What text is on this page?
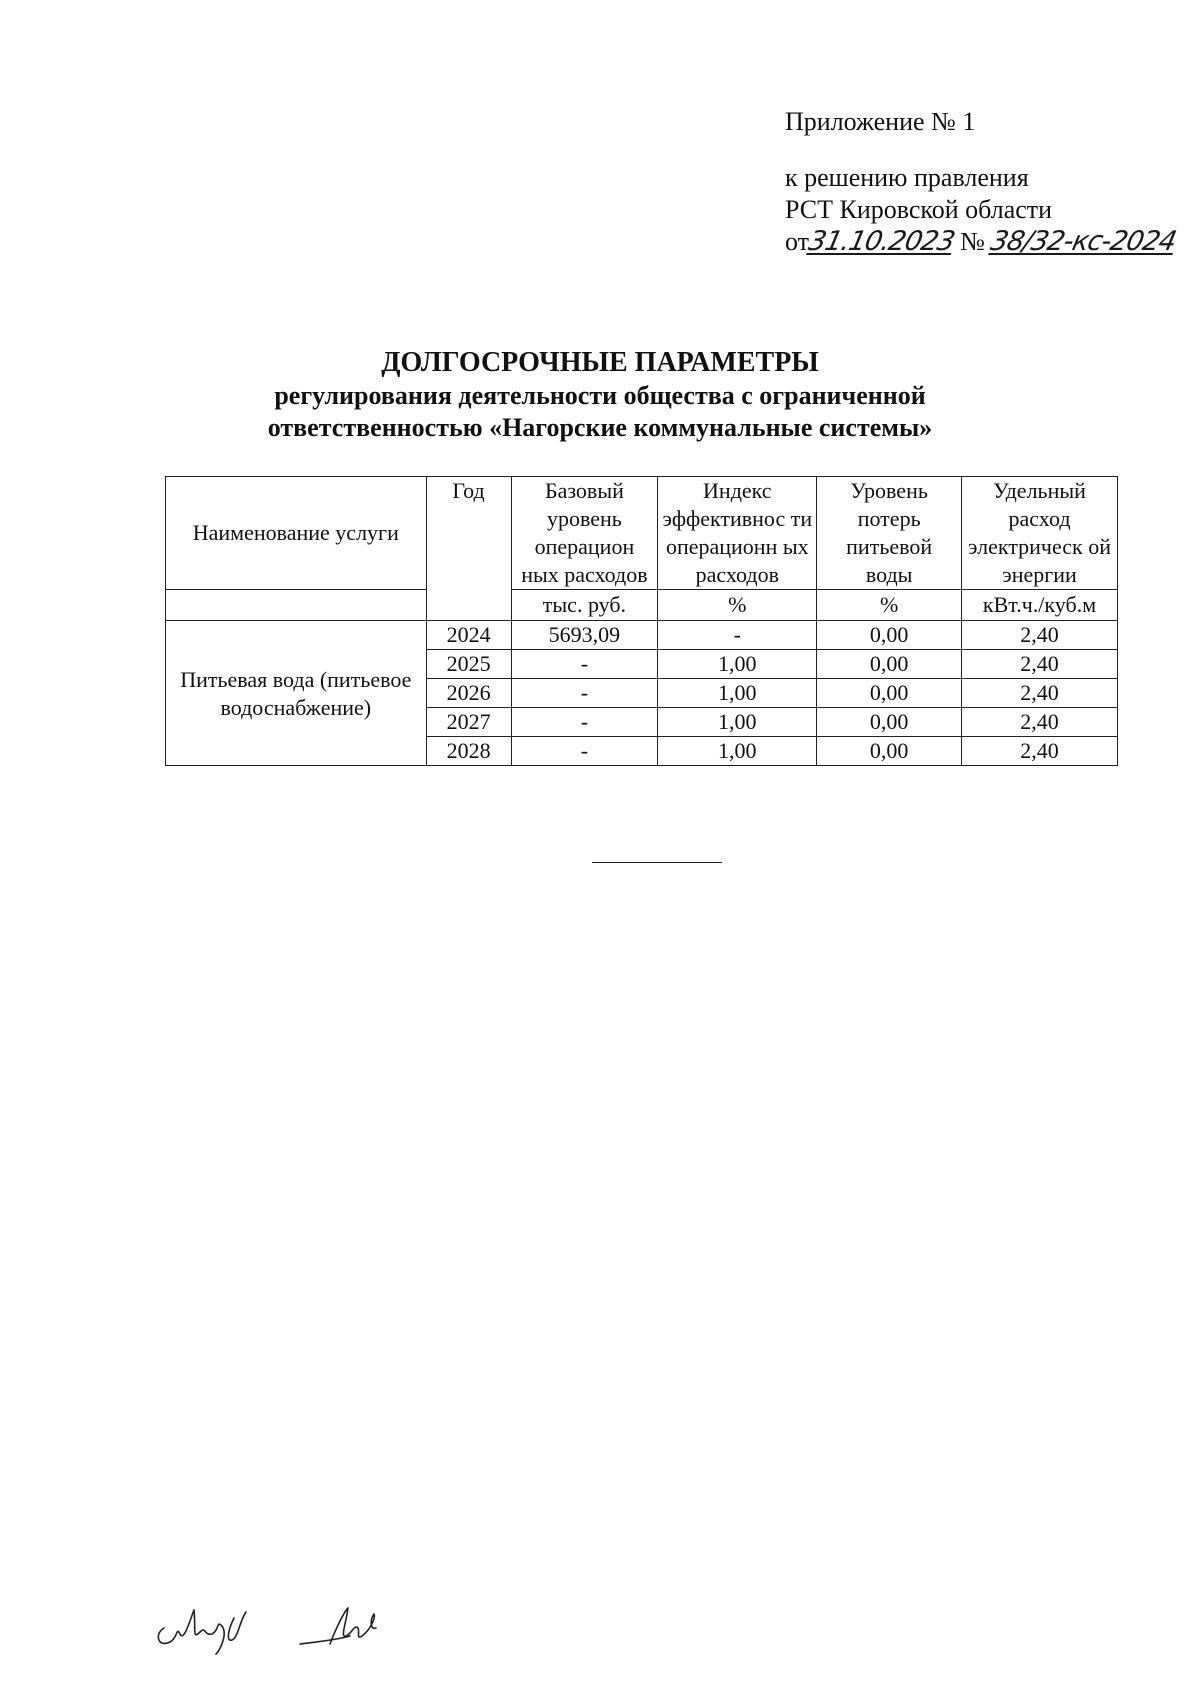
Приложение № 1
к решению правления
РСТ Кировской области
от31.10.2023 № 38/32-кс-2024
ДОЛГОСРОЧНЫЕ ПАРАМЕТРЫ
регулирования деятельности общества с ограниченной
ответственностью «Нагорские коммунальные системы»
Наименование услуги	Год	Базовый уровень операцион ных расходов	Индекс эффективнос ти операционн ых расходов	Уровень потерь питьевой воды	Удельный расход электрическ ой энергии
		тыс. руб.	%	%	кВт.ч./куб.м
Питьевая вода (питьевое водоснабжение)	2024	5693,09	-	0,00	2,40
	2025	-	1,00	0,00	2,40
	2026	-	1,00	0,00	2,40
	2027	-	1,00	0,00	2,40
	2028	-	1,00	0,00	2,40
